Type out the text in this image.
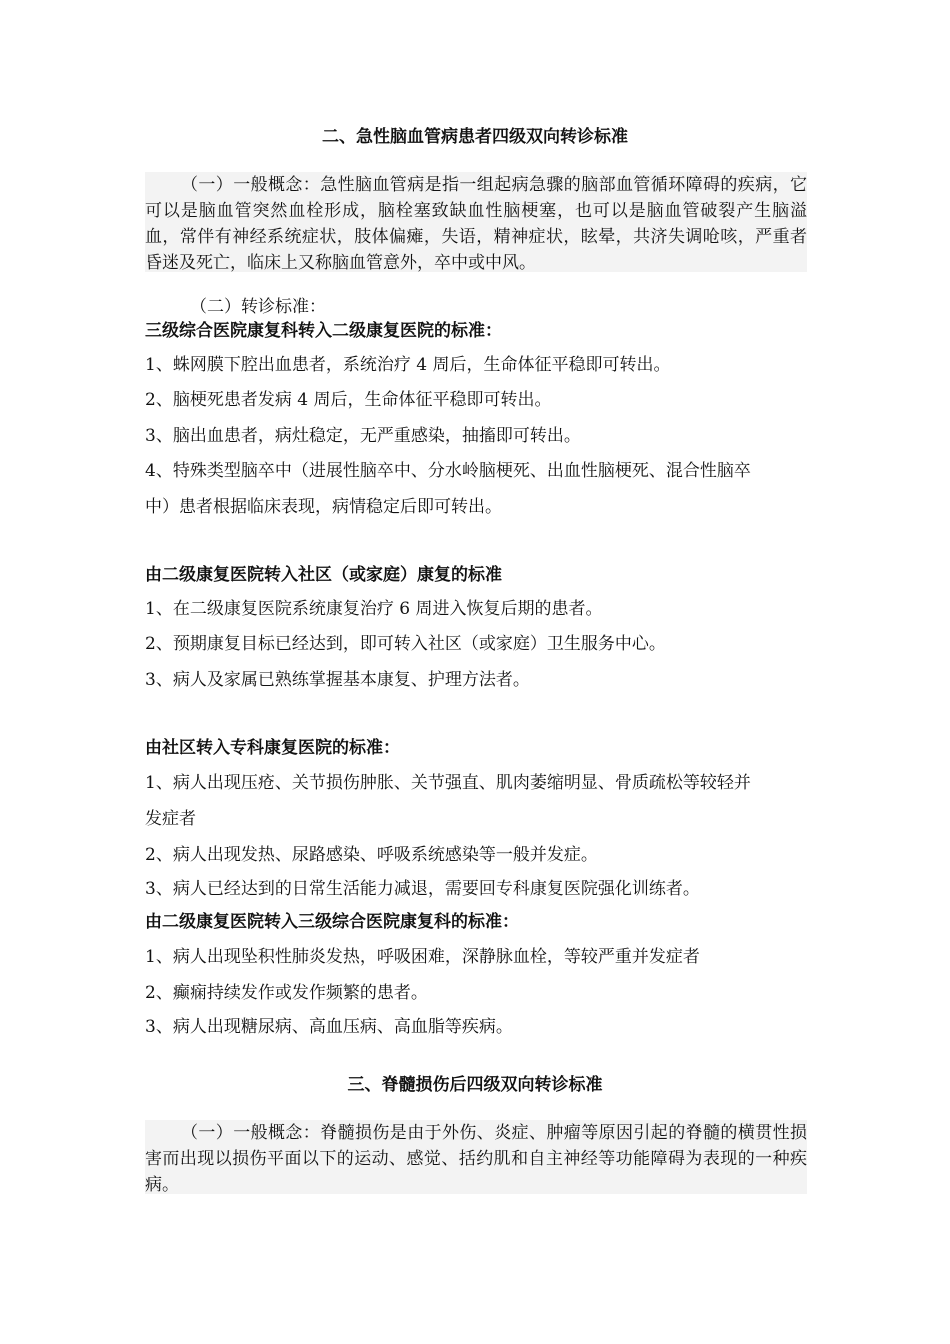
二、急性脑血管病患者四级双向转诊标准
（一）一般概念：急性脑血管病是指一组起病急骤的脑部血管循环障碍的疾病，它可以是脑血管突然血栓形成，脑栓塞致缺血性脑梗塞，也可以是脑血管破裂产生脑溢血，常伴有神经系统症状，肢体偏瘫，失语，精神症状，眩晕，共济失调呛咳，严重者昏迷及死亡，临床上又称脑血管意外，卒中或中风。
（二）转诊标准：
三级综合医院康复科转入二级康复医院的标准：
1、蛛网膜下腔出血患者，系统治疗 4 周后，生命体征平稳即可转出。
2、脑梗死患者发病 4 周后，生命体征平稳即可转出。
3、脑出血患者，病灶稳定，无严重感染，抽搐即可转出。
4、特殊类型脑卒中（进展性脑卒中、分水岭脑梗死、出血性脑梗死、混合性脑卒
中）患者根据临床表现，病情稳定后即可转出。
由二级康复医院转入社区（或家庭）康复的标准
1、在二级康复医院系统康复治疗 6 周进入恢复后期的患者。
2、预期康复目标已经达到，即可转入社区（或家庭）卫生服务中心。
3、病人及家属已熟练掌握基本康复、护理方法者。
由社区转入专科康复医院的标准：
1、病人出现压疮、关节损伤肿胀、关节强直、肌肉萎缩明显、骨质疏松等较轻并
发症者
2、病人出现发热、尿路感染、呼吸系统感染等一般并发症。
3、病人已经达到的日常生活能力减退，需要回专科康复医院强化训练者。
由二级康复医院转入三级综合医院康复科的标准：
1、病人出现坠积性肺炎发热，呼吸困难，深静脉血栓，等较严重并发症者
2、癫痫持续发作或发作频繁的患者。
3、病人出现糖尿病、高血压病、高血脂等疾病。
三、脊髓损伤后四级双向转诊标准
（一）一般概念：脊髓损伤是由于外伤、炎症、肿瘤等原因引起的脊髓的横贯性损害而出现以损伤平面以下的运动、感觉、括约肌和自主神经等功能障碍为表现的一种疾病。
